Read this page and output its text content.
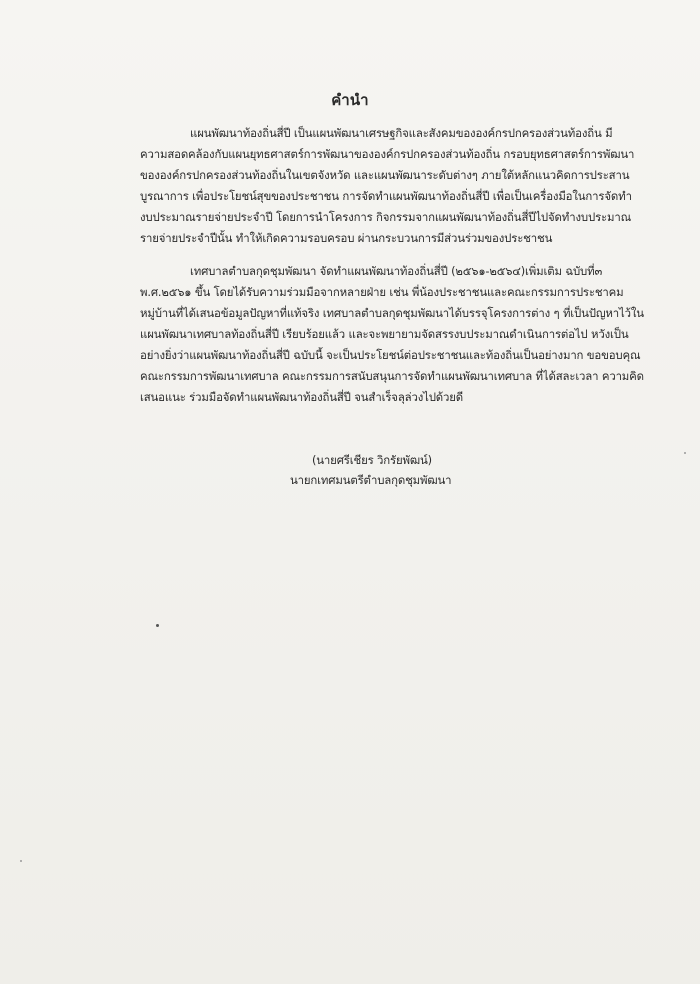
คำนำ
แผนพัฒนาท้องถิ่นสี่ปี เป็นแผนพัฒนาเศรษฐกิจและสังคมขององค์กรปกครองส่วนท้องถิ่น มี
ความสอดคล้องกับแผนยุทธศาสตร์การพัฒนาขององค์กรปกครองส่วนท้องถิ่น กรอบยุทธศาสตร์การพัฒนา
ขององค์กรปกครองส่วนท้องถิ่นในเขตจังหวัด และแผนพัฒนาระดับต่างๆ ภายใต้หลักแนวคิดการประสาน
บูรณาการ เพื่อประโยชน์สุขของประชาชน การจัดทำแผนพัฒนาท้องถิ่นสี่ปี เพื่อเป็นเครื่องมือในการจัดทำ
งบประมาณรายจ่ายประจำปี โดยการนำโครงการ กิจกรรมจากแผนพัฒนาท้องถิ่นสี่ปีไปจัดทำงบประมาณ
รายจ่ายประจำปีนั้น ทำให้เกิดความรอบครอบ ผ่านกระบวนการมีส่วนร่วมของประชาชน
เทศบาลตำบลกุดชุมพัฒนา จัดทำแผนพัฒนาท้องถิ่นสี่ปี (๒๕๖๑-๒๕๖๔)เพิ่มเติม ฉบับที่๓
พ.ศ.๒๕๖๑ ขึ้น โดยได้รับความร่วมมือจากหลายฝ่าย เช่น พี่น้องประชาชนและคณะกรรมการประชาคม
หมู่บ้านที่ได้เสนอข้อมูลปัญหาที่แท้จริง เทศบาลตำบลกุดชุมพัฒนาได้บรรจุโครงการต่าง ๆ ที่เป็นปัญหาไว้ใน
แผนพัฒนาเทศบาลท้องถิ่นสี่ปี เรียบร้อยแล้ว และจะพยายามจัดสรรงบประมาณดำเนินการต่อไป หวังเป็น
อย่างยิ่งว่าแผนพัฒนาท้องถิ่นสี่ปี ฉบับนี้ จะเป็นประโยชน์ต่อประชาชนและท้องถิ่นเป็นอย่างมาก ขอขอบคุณ
คณะกรรมการพัฒนาเทศบาล คณะกรรมการสนับสนุนการจัดทำแผนพัฒนาเทศบาล ที่ได้สละเวลา ความคิด
เสนอแนะ ร่วมมือจัดทำแผนพัฒนาท้องถิ่นสี่ปี จนสำเร็จลุล่วงไปด้วยดี
(นายศรีเชียร วิกรัยพัฒน์)
นายกเทศมนตรีตำบลกุดชุมพัฒนา
